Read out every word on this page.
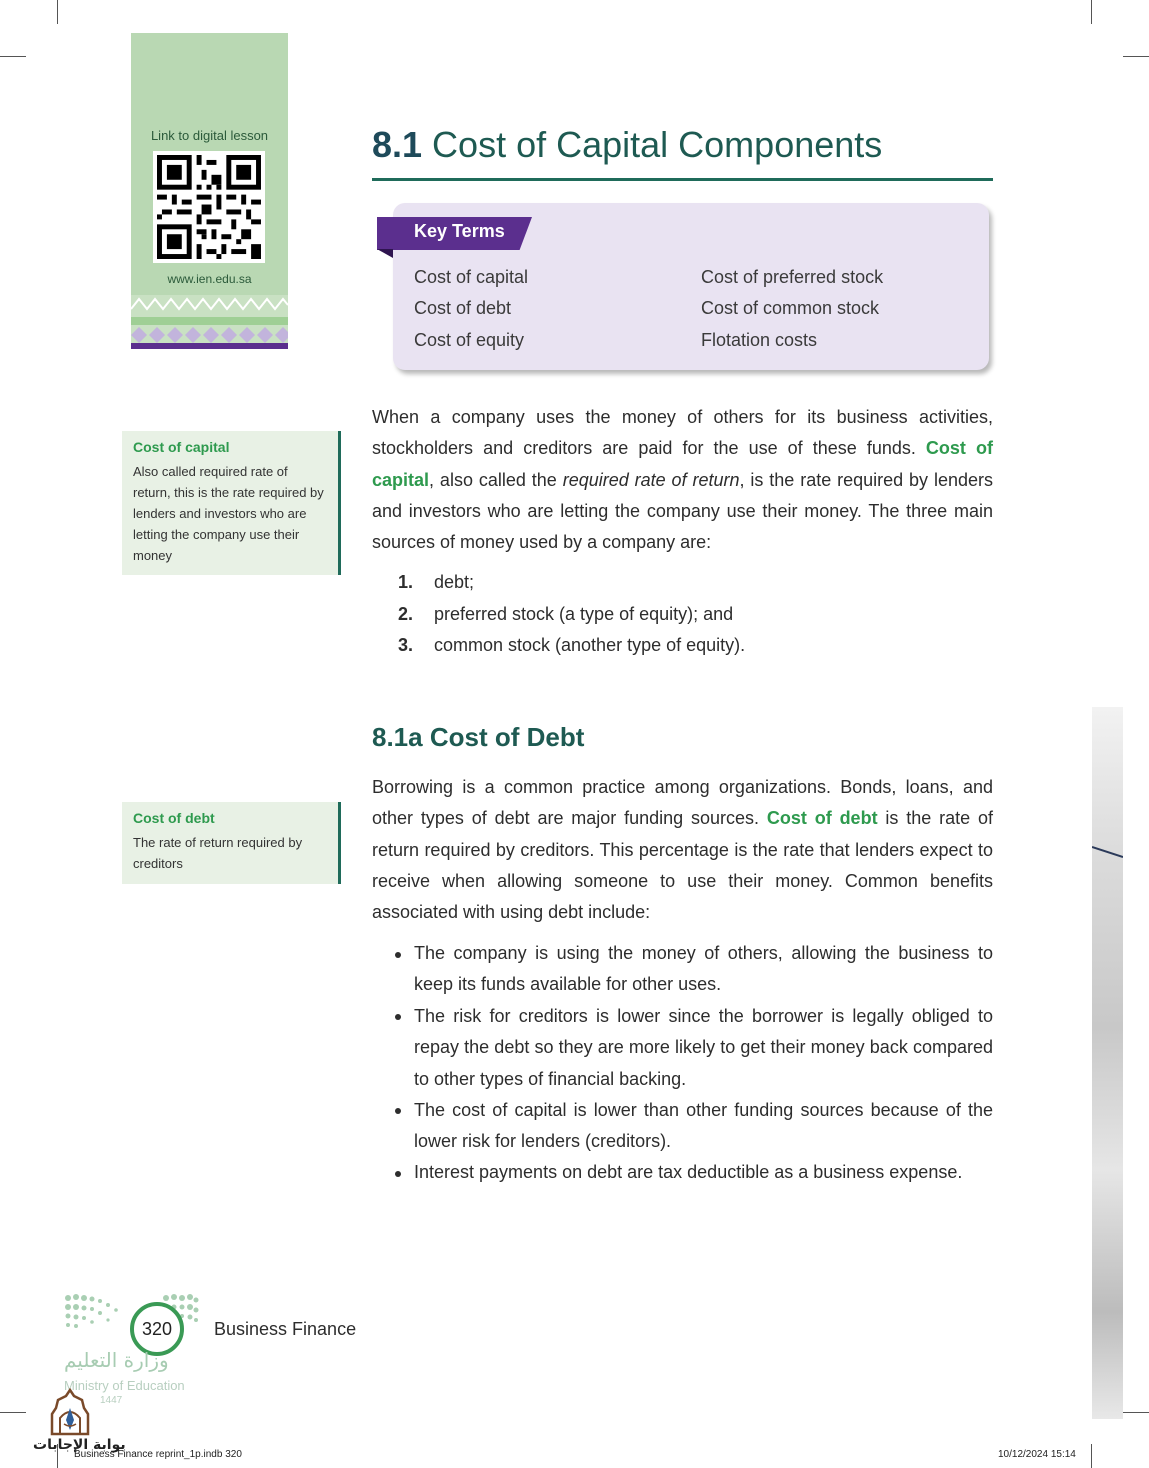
Link to digital lesson
www.ien.edu.sa
8.1 Cost of Capital Components
Key Terms
Cost of capital
Cost of debt
Cost of equity
Cost of preferred stock
Cost of common stock
Flotation costs
Cost of capital
Also called required rate of return, this is the rate required by lenders and investors who are letting the company use their money
When a company uses the money of others for its business activities, stockholders and creditors are paid for the use of these funds. Cost of capital, also called the required rate of return, is the rate required by lenders and investors who are letting the company use their money. The three main sources of money used by a company are:
1. debt;
2. preferred stock (a type of equity); and
3. common stock (another type of equity).
8.1a Cost of Debt
Cost of debt
The rate of return required by creditors
Borrowing is a common practice among organizations. Bonds, loans, and other types of debt are major funding sources. Cost of debt is the rate of return required by creditors. This percentage is the rate that lenders expect to receive when allowing someone to use their money. Common benefits associated with using debt include:
The company is using the money of others, allowing the business to keep its funds available for other uses.
The risk for creditors is lower since the borrower is legally obliged to repay the debt so they are more likely to get their money back compared to other types of financial backing.
The cost of capital is lower than other funding sources because of the lower risk for lenders (creditors).
Interest payments on debt are tax deductible as a business expense.
320	Business Finance
وزارة التعليم
Ministry of Education
1447
بوابة الإجابات
Business Finance reprint_1p.indb 320	10/12/2024 15:14
